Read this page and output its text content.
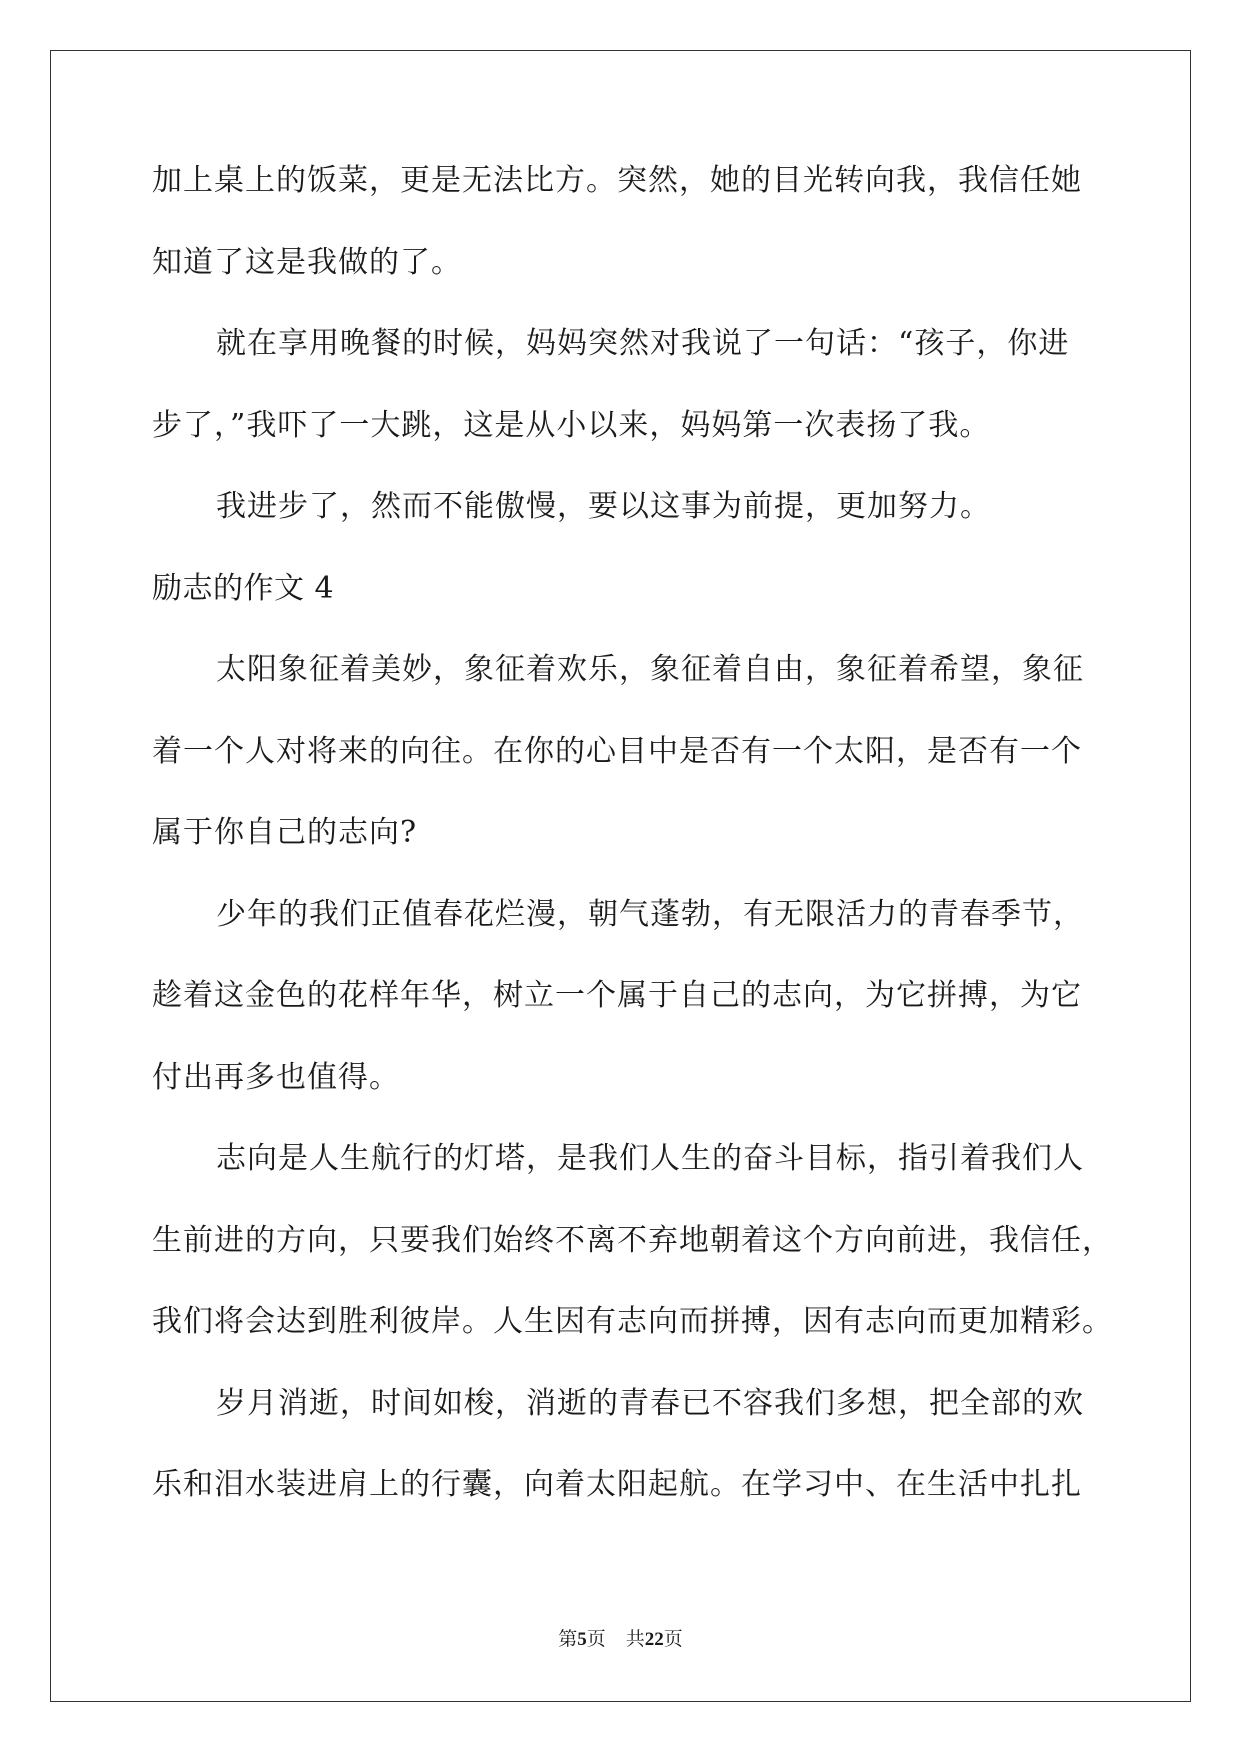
加上桌上的饭菜，更是无法比方。突然，她的目光转向我，我信任她

知道了这是我做的了。

就在享用晚餐的时候，妈妈突然对我说了一句话：“孩子，你进

步了，”我吓了一大跳，这是从小以来，妈妈第一次表扬了我。

我进步了，然而不能傲慢，要以这事为前提，更加努力。

励志的作文 4

太阳象征着美妙，象征着欢乐，象征着自由，象征着希望，象征

着一个人对将来的向往。在你的心目中是否有一个太阳，是否有一个

属于你自己的志向?

少年的我们正值春花烂漫，朝气蓬勃，有无限活力的青春季节，

趁着这金色的花样年华，树立一个属于自己的志向，为它拼搏，为它

付出再多也值得。

志向是人生航行的灯塔，是我们人生的奋斗目标，指引着我们人

生前进的方向，只要我们始终不离不弃地朝着这个方向前进，我信任，

我们将会达到胜利彼岸。人生因有志向而拼搏，因有志向而更加精彩。

岁月消逝，时间如梭，消逝的青春已不容我们多想，把全部的欢

乐和泪水装进肩上的行囊，向着太阳起航。在学习中、在生活中扎扎

第5页 共22页
